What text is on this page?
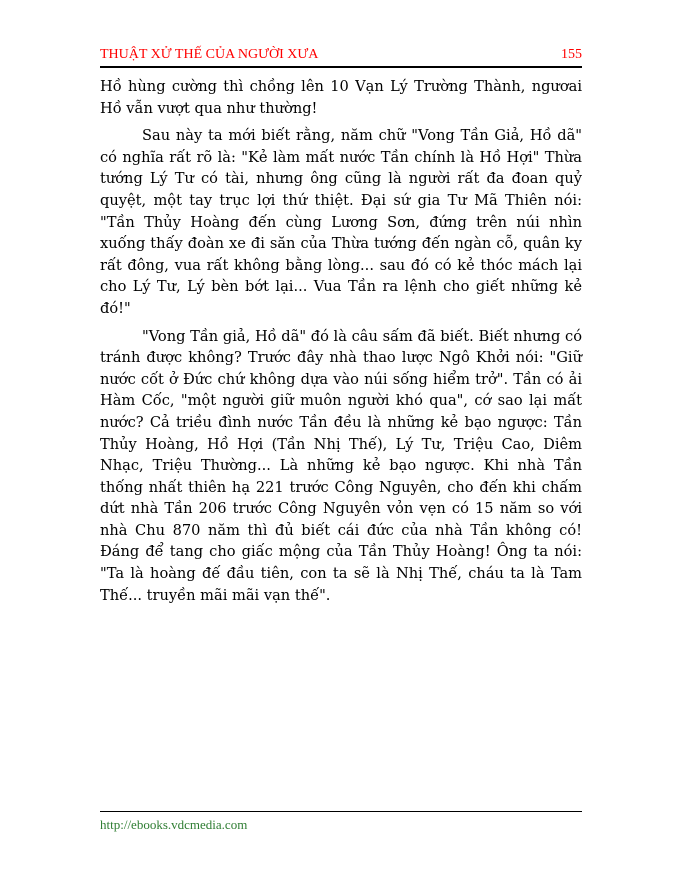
THUẬT XỬ THẾ CỦA NGƯỜI XƯA	155

Hồ hùng cường thì chồng lên 10 Vạn Lý Trường Thành, ngươai Hồ vẫn vượt qua như thường!

Sau này ta mới biết rằng, năm chữ "Vong Tần Giả, Hồ dã" có nghĩa rất rõ là: "Kẻ làm mất nước Tần chính là Hồ Hợi" Thừa tướng Lý Tư có tài, nhưng ông cũng là người rất đa đoan quỷ quyệt, một tay trục lợi thứ thiệt. Đại sứ gia Tư Mã Thiên nói: "Tần Thủy Hoàng đến cùng Lương Sơn, đứng trên núi nhìn xuống thấy đoàn xe đi săn của Thừa tướng đến ngàn cỗ, quân ky rất đông, vua rất không bằng lòng... sau đó có kẻ thóc mách lại cho Lý Tư, Lý bèn bớt lại... Vua Tần ra lệnh cho giết những kẻ đó!"

"Vong Tần giả, Hồ dã" đó là câu sấm đã biết. Biết nhưng có tránh được không? Trước đây nhà thao lược Ngô Khởi nói: "Giữ nước cốt ở Đức chứ không dựa vào núi sống hiểm trở". Tần có ải Hàm Cốc, "một người giữ muôn người khó qua", cớ sao lại mất nước? Cả triều đình nước Tần đều là những kẻ bạo ngược: Tần Thủy Hoàng, Hồ Hợi (Tần Nhị Thế), Lý Tư, Triệu Cao, Diêm Nhạc, Triệu Thường... Là những kẻ bạo ngược. Khi nhà Tần thống nhất thiên hạ 221 trước Công Nguyên, cho đến khi chấm dứt nhà Tần 206 trước Công Nguyên vỏn vẹn có 15 năm so với nhà Chu 870 năm thì đủ biết cái đức của nhà Tần không có! Đáng để tang cho giấc mộng của Tần Thủy Hoàng! Ông ta nói: "Ta là hoàng đế đầu tiên, con ta sẽ là Nhị Thế, cháu ta là Tam Thế... truyền mãi mãi vạn thế".

http://ebooks.vdcmedia.com
